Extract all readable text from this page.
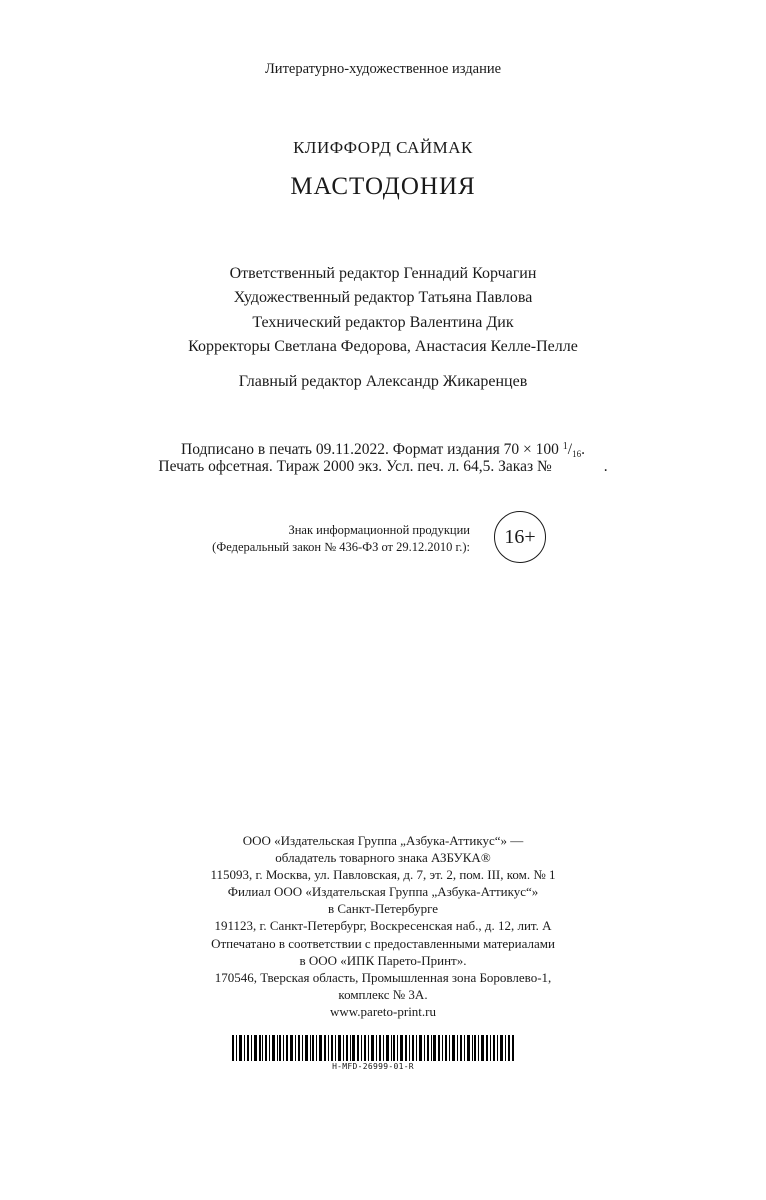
Литературно-художественное издание
КЛИФФОРД САЙМАК
МАСТОДОНИЯ
Ответственный редактор Геннадий Корчагин
Художественный редактор Татьяна Павлова
Технический редактор Валентина Дик
Корректоры Светлана Федорова, Анастасия Келле-Пелле
Главный редактор Александр Жикаренцев
Подписано в печать 09.11.2022. Формат издания 70 × 100 $^1/_{16}$.
Печать офсетная. Тираж 2000 экз. Усл. печ. л. 64,5. Заказ №	.
Знак информационной продукции
(Федеральный закон № 436-ФЗ от 29.12.2010 г.):	16+
ООО «Издательская Группа „Азбука-Аттикус“» —
обладатель товарного знака АЗБУКА®
115093, г. Москва, ул. Павловская, д. 7, эт. 2, пом. III, ком. № 1
Филиал ООО «Издательская Группа „Азбука-Аттикус“»
в Санкт-Петербурге
191123, г. Санкт-Петербург, Воскресенская наб., д. 12, лит. А
Отпечатано в соответствии с предоставленными материалами
в ООО «ИПК Парето-Принт».
170546, Тверская область, Промышленная зона Боровлево-1,
комплекс № 3А.
www.pareto-print.ru
H-MFD-26999-01-R
